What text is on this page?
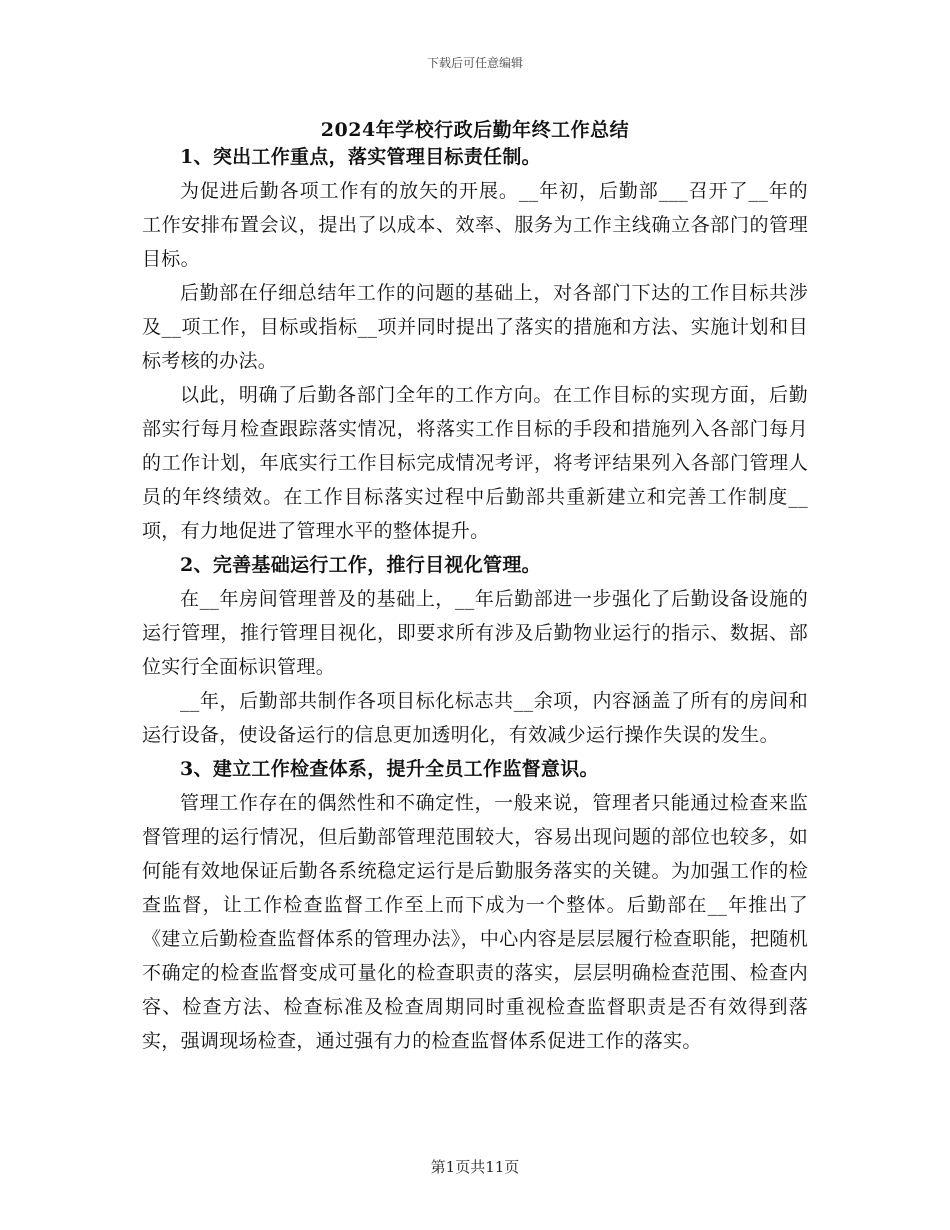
下载后可任意编辑
2024年学校行政后勤年终工作总结

1、突出工作重点，落实管理目标责任制。

为促进后勤各项工作有的放矢的开展。__年初，后勤部___召开了__年的工作安排布置会议，提出了以成本、效率、服务为工作主线确立各部门的管理目标。

后勤部在仔细总结年工作的问题的基础上，对各部门下达的工作目标共涉及__项工作，目标或指标__项并同时提出了落实的措施和方法、实施计划和目标考核的办法。

以此，明确了后勤各部门全年的工作方向。在工作目标的实现方面，后勤部实行每月检查跟踪落实情况，将落实工作目标的手段和措施列入各部门每月的工作计划，年底实行工作目标完成情况考评，将考评结果列入各部门管理人员的年终绩效。在工作目标落实过程中后勤部共重新建立和完善工作制度__项，有力地促进了管理水平的整体提升。

2、完善基础运行工作，推行目视化管理。

在__年房间管理普及的基础上，__年后勤部进一步强化了后勤设备设施的运行管理，推行管理目视化，即要求所有涉及后勤物业运行的指示、数据、部位实行全面标识管理。

__年，后勤部共制作各项目标化标志共__余项，内容涵盖了所有的房间和运行设备，使设备运行的信息更加透明化，有效减少运行操作失误的发生。

3、建立工作检查体系，提升全员工作监督意识。

管理工作存在的偶然性和不确定性，一般来说，管理者只能通过检查来监督管理的运行情况，但后勤部管理范围较大，容易出现问题的部位也较多，如何能有效地保证后勤各系统稳定运行是后勤服务落实的关键。为加强工作的检查监督，让工作检查监督工作至上而下成为一个整体。后勤部在__年推出了《建立后勤检查监督体系的管理办法》，中心内容是层层履行检查职能，把随机不确定的检查监督变成可量化的检查职责的落实，层层明确检查范围、检查内容、检查方法、检查标准及检查周期同时重视检查监督职责是否有效得到落实，强调现场检查，通过强有力的检查监督体系促进工作的落实。

第1页共11页
